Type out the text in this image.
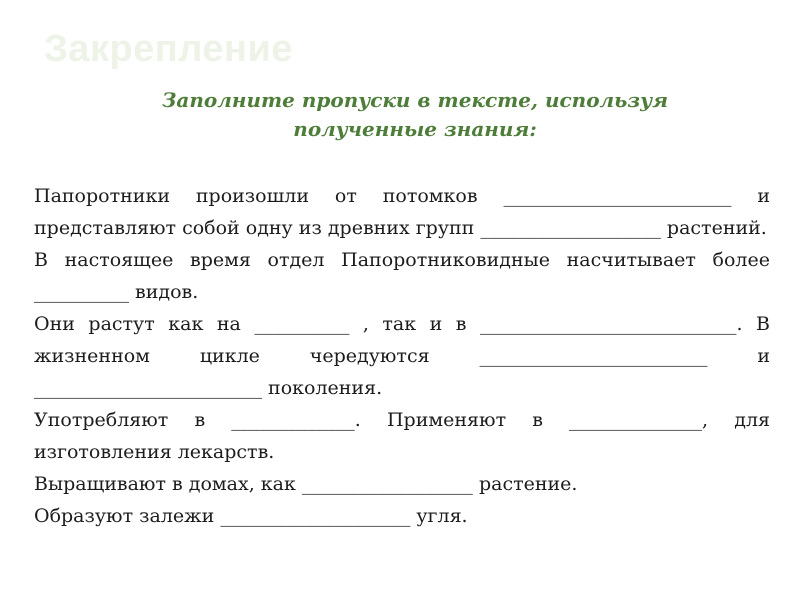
Закрепление
Заполните пропуски в тексте, используя
полученные знания:

Папоротники произошли от потомков ________________________ и представляют собой одну из древних групп ___________________ растений.

В настоящее время отдел Папоротниковидные насчитывает более __________ видов.

Они растут как на __________ , так и в ___________________________. В жизненном цикле чередуются ________________________ и ________________________ поколения.

Употребляют в _____________. Применяют в ______________, для изготовления лекарств.

Выращивают в домах, как __________________ растение.

Образуют залежи ____________________ угля.
